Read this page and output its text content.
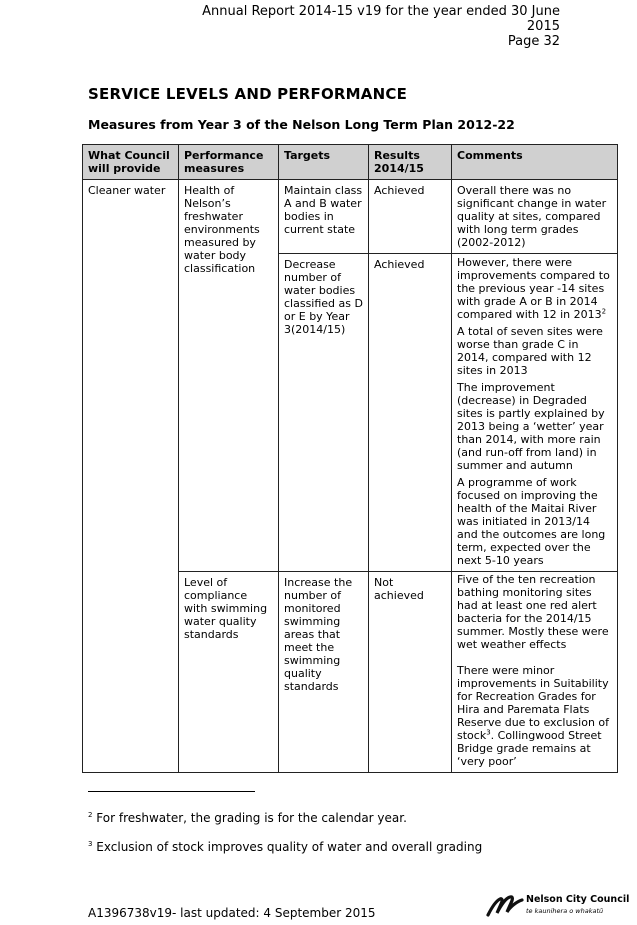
Annual Report 2014-15 v19 for the year ended 30 June 2015
Page 32
SERVICE LEVELS AND PERFORMANCE
Measures from Year 3 of the Nelson Long Term Plan 2012-22
What Council will provide	Performance measures	Targets	Results 2014/15	Comments
Cleaner water	Health of Nelson’s freshwater environments measured by water body classification	Maintain class A and B water bodies in current state	Achieved	Overall there was no significant change in water quality at sites, compared with long term grades (2002-2012)

		Decrease number of water bodies classified as D or E by Year 3(2014/15)	Achieved	However, there were improvements compared to the previous year -14 sites with grade A or B in 2014 compared with 12 in 2013$^2$

A total of seven sites were worse than grade C in 2014, compared with 12 sites in 2013

The improvement (decrease) in Degraded sites is partly explained by 2013 being a ‘wetter’ year than 2014, with more rain (and run-off from land) in summer and autumn

A programme of work focused on improving the health of the Maitai River was initiated in 2013/14 and the outcomes are long term, expected over the next 5-10 years

	Level of compliance with swimming water quality standards	Increase the number of monitored swimming areas that meet the swimming quality standards	Not achieved	Five of the ten recreation bathing monitoring sites had at least one red alert bacteria for the 2014/15 summer. Mostly these were wet weather effects

There were minor improvements in Suitability for Recreation Grades for Hira and Paremata Flats Reserve due to exclusion of stock$^3$. Collingwood Street Bridge grade remains at ‘very poor’

$^2$ For freshwater, the grading is for the calendar year.
$^3$ Exclusion of stock improves quality of water and overall grading
A1396738v19- last updated: 4 September 2015
Nelson City Council
te kaunihera o whakatū
